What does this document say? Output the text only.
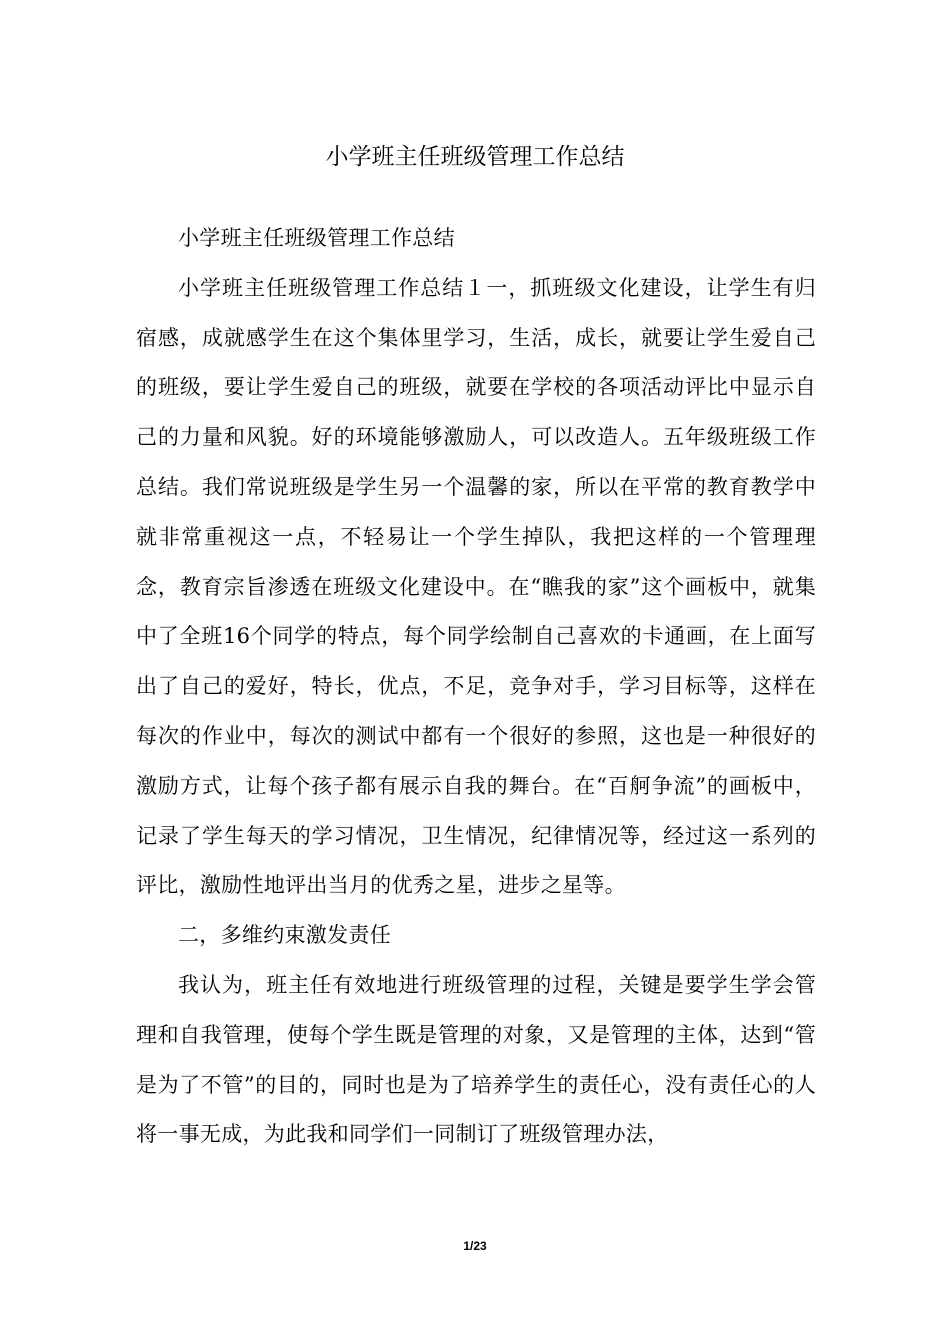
小学班主任班级管理工作总结

小学班主任班级管理工作总结

小学班主任班级管理工作总结１一，抓班级文化建设，让学生有归宿感，成就感学生在这个集体里学习，生活，成长，就要让学生爱自己的班级，要让学生爱自己的班级，就要在学校的各项活动评比中显示自己的力量和风貌。好的环境能够激励人，可以改造人。五年级班级工作总结。我们常说班级是学生另一个温馨的家，所以在平常的教育教学中就非常重视这一点，不轻易让一个学生掉队，我把这样的一个管理理念，教育宗旨渗透在班级文化建设中。在“瞧我的家”这个画板中，就集中了全班16个同学的特点，每个同学绘制自己喜欢的卡通画，在上面写出了自己的爱好，特长，优点，不足，竞争对手，学习目标等，这样在每次的作业中，每次的测试中都有一个很好的参照，这也是一种很好的激励方式，让每个孩子都有展示自我的舞台。在“百舸争流”的画板中，记录了学生每天的学习情况，卫生情况，纪律情况等，经过这一系列的评比，激励性地评出当月的优秀之星，进步之星等。

二，多维约束激发责任

我认为，班主任有效地进行班级管理的过程，关键是要学生学会管理和自我管理，使每个学生既是管理的对象，又是管理的主体，达到“管是为了不管”的目的，同时也是为了培养学生的责任心，没有责任心的人将一事无成，为此我和同学们一同制订了班级管理办法，

1/23
